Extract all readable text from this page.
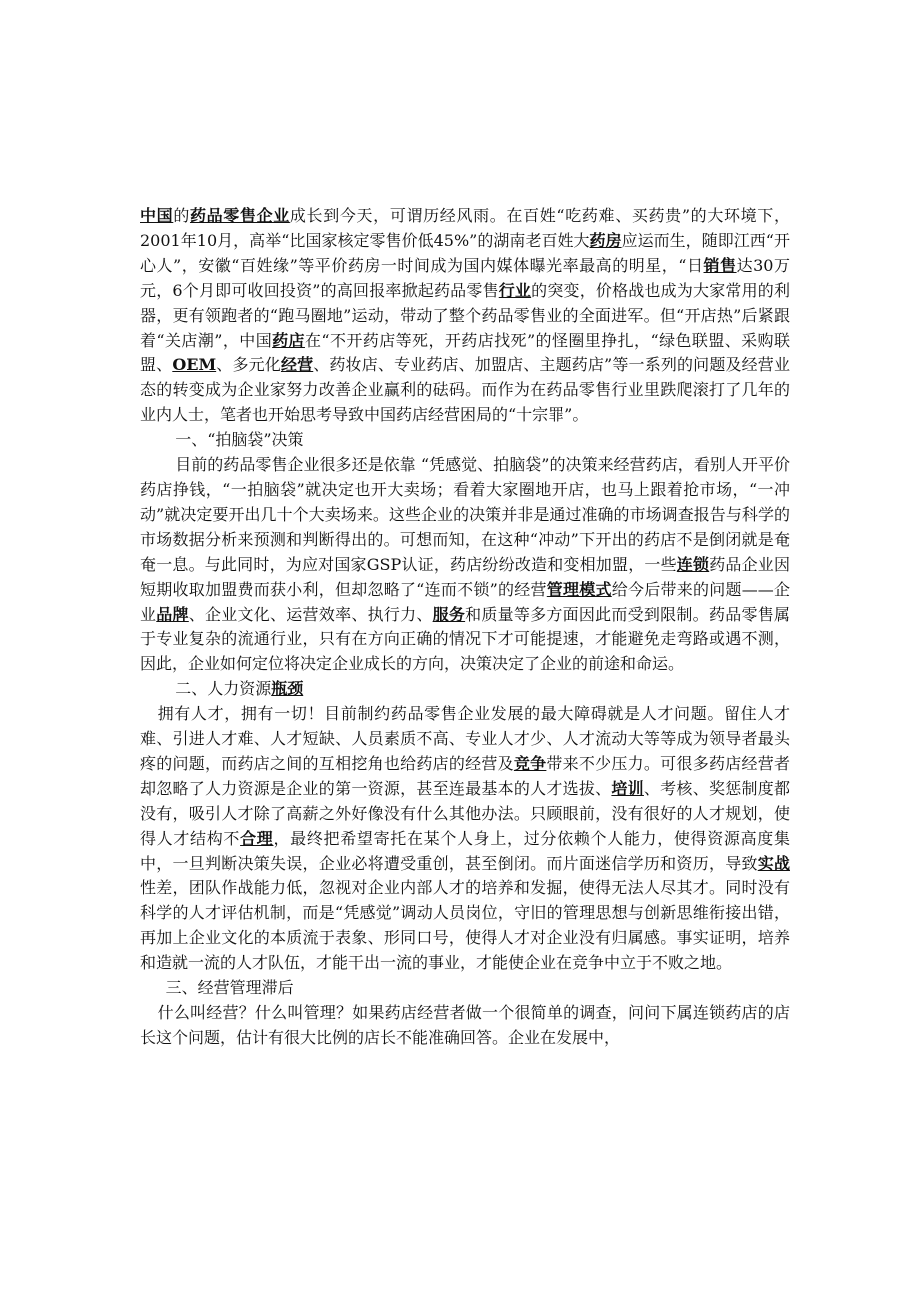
中国的药品零售企业成长到今天，可谓历经风雨。在百姓“吃药难、买药贵”的大环境下，2001年10月，高举“比国家核定零售价低45%”的湖南老百姓大药房应运而生，随即江西“开心人”，安徽“百姓缘”等平价药房一时间成为国内媒体曝光率最高的明星，“日销售达30万元，6个月即可收回投资”的高回报率掀起药品零售行业的突变，价格战也成为大家常用的利器，更有领跑者的“跑马圈地”运动，带动了整个药品零售业的全面进军。但“开店热”后紧跟着“关店潮”，中国药店在“不开药店等死，开药店找死”的怪圈里挣扎，“绿色联盟、采购联盟、OEM、多元化经营、药妆店、专业药店、加盟店、主题药店”等一系列的问题及经营业态的转变成为企业家努力改善企业赢利的砝码。而作为在药品零售行业里跌爬滚打了几年的业内人士，笔者也开始思考导致中国药店经营困局的“十宗罪”。

一、“拍脑袋”决策

目前的药品零售企业很多还是依靠 “凭感觉、拍脑袋”的决策来经营药店，看别人开平价药店挣钱，“一拍脑袋”就决定也开大卖场；看着大家圈地开店，也马上跟着抢市场，“一冲动”就决定要开出几十个大卖场来。这些企业的决策并非是通过准确的市场调查报告与科学的市场数据分析来预测和判断得出的。可想而知，在这种“冲动”下开出的药店不是倒闭就是奄奄一息。与此同时，为应对国家GSP认证，药店纷纷改造和变相加盟，一些连锁药品企业因短期收取加盟费而获小利，但却忽略了“连而不锁”的经营管理模式给今后带来的问题——企业品牌、企业文化、运营效率、执行力、服务和质量等多方面因此而受到限制。药品零售属于专业复杂的流通行业，只有在方向正确的情况下才可能提速，才能避免走弯路或遇不测，因此，企业如何定位将决定企业成长的方向，决策决定了企业的前途和命运。

二、人力资源瓶颈

拥有人才，拥有一切！目前制约药品零售企业发展的最大障碍就是人才问题。留住人才难、引进人才难、人才短缺、人员素质不高、专业人才少、人才流动大等等成为领导者最头疼的问题，而药店之间的互相挖角也给药店的经营及竞争带来不少压力。可很多药店经营者却忽略了人力资源是企业的第一资源，甚至连最基本的人才选拔、培训、考核、奖惩制度都没有，吸引人才除了高薪之外好像没有什么其他办法。只顾眼前，没有很好的人才规划，使得人才结构不合理，最终把希望寄托在某个人身上，过分依赖个人能力，使得资源高度集中，一旦判断决策失误，企业必将遭受重创，甚至倒闭。而片面迷信学历和资历，导致实战性差，团队作战能力低，忽视对企业内部人才的培养和发掘，使得无法人尽其才。同时没有科学的人才评估机制，而是“凭感觉”调动人员岗位，守旧的管理思想与创新思维衔接出错，再加上企业文化的本质流于表象、形同口号，使得人才对企业没有归属感。事实证明，培养和造就一流的人才队伍，才能干出一流的事业，才能使企业在竞争中立于不败之地。

三、经营管理滞后

什么叫经营？什么叫管理？如果药店经营者做一个很简单的调查，问问下属连锁药店的店长这个问题，估计有很大比例的店长不能准确回答。企业在发展中，
